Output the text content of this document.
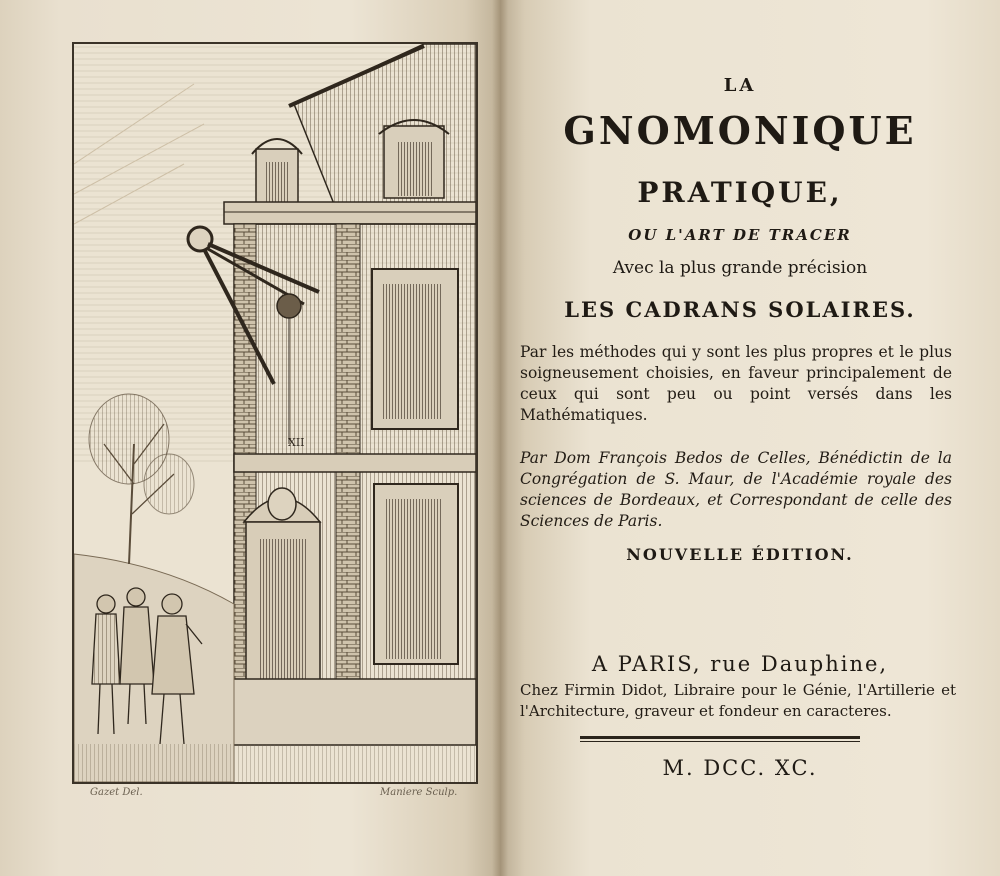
XII
Gazet Del.	Maniere Sculp.

LA

GNOMONIQUE

PRATIQUE,

OU L'ART DE TRACER

Avec la plus grande précision

LES CADRANS SOLAIRES.

Par les méthodes qui y sont les plus propres et le plus soigneusement choisies, en faveur principalement de ceux qui sont peu ou point versés dans les Mathématiques.

Par Dom François Bedos de Celles, Bénédictin de la Congrégation de S. Maur, de l'Académie royale des sciences de Bordeaux, et Correspondant de celle des Sciences de Paris.

NOUVELLE ÉDITION.

A PARIS, rue Dauphine,

Chez Firmin Didot, Libraire pour le Génie, l'Artillerie et l'Architecture, graveur et fondeur en caracteres.

M. DCC. XC.
